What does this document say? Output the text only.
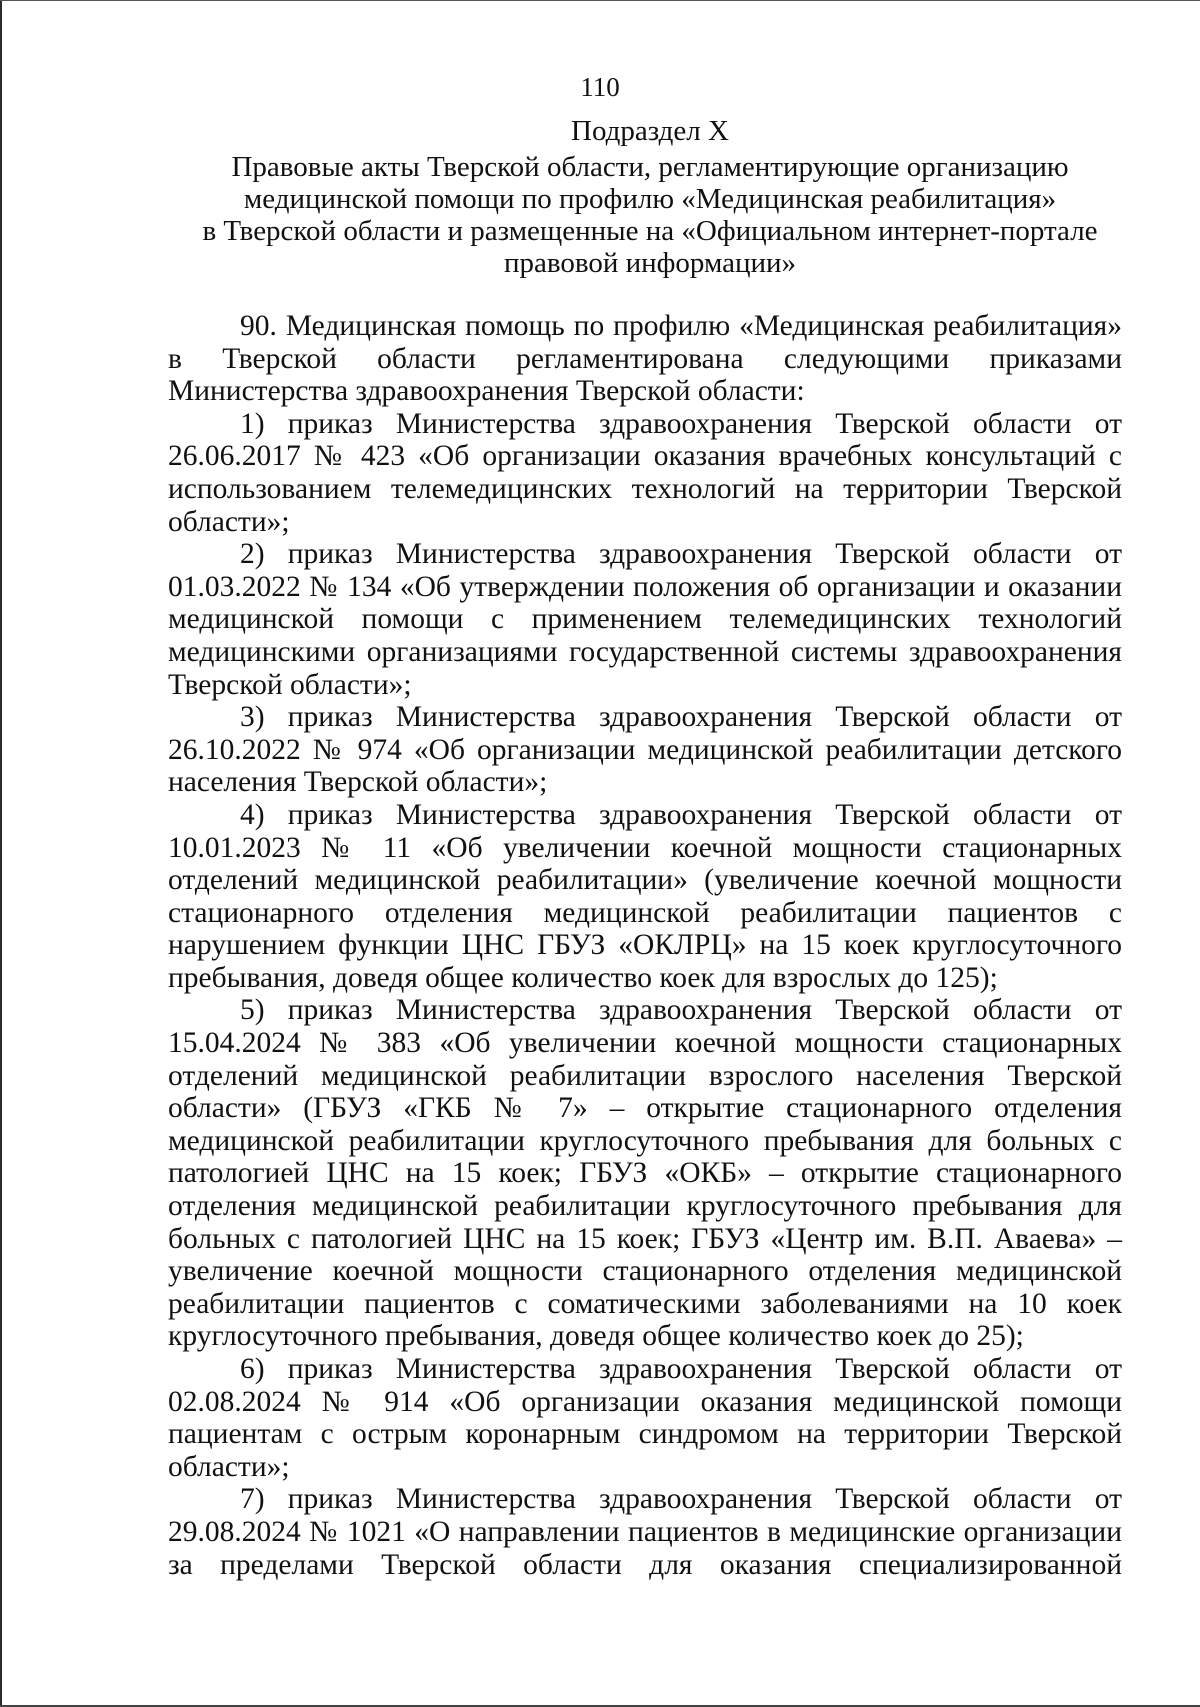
110
Подраздел X
Правовые акты Тверской области, регламентирующие организацию
медицинской помощи по профилю «Медицинская реабилитация»
в Тверской области и размещенные на «Официальном интернет-портале
правовой информации»
90. Медицинская помощь по профилю «Медицинская реабилитация» в Тверской области регламентирована следующими приказами Министерства здравоохранения Тверской области:
1) приказ Министерства здравоохранения Тверской области от 26.06.2017 № 423 «Об организации оказания врачебных консультаций с использованием телемедицинских технологий на территории Тверской области»;
2) приказ Министерства здравоохранения Тверской области от 01.03.2022 № 134 «Об утверждении положения об организации и оказании медицинской помощи с применением телемедицинских технологий медицинскими организациями государственной системы здравоохранения Тверской области»;
3) приказ Министерства здравоохранения Тверской области от 26.10.2022 № 974 «Об организации медицинской реабилитации детского населения Тверской области»;
4) приказ Министерства здравоохранения Тверской области от 10.01.2023 № 11 «Об увеличении коечной мощности стационарных отделений медицинской реабилитации» (увеличение коечной мощности стационарного отделения медицинской реабилитации пациентов с нарушением функции ЦНС ГБУЗ «ОКЛРЦ» на 15 коек круглосуточного пребывания, доведя общее количество коек для взрослых до 125);
5) приказ Министерства здравоохранения Тверской области от 15.04.2024 № 383 «Об увеличении коечной мощности стационарных отделений медицинской реабилитации взрослого населения Тверской области» (ГБУЗ «ГКБ № 7» – открытие стационарного отделения медицинской реабилитации круглосуточного пребывания для больных с патологией ЦНС на 15 коек; ГБУЗ «ОКБ» – открытие стационарного отделения медицинской реабилитации круглосуточного пребывания для больных с патологией ЦНС на 15 коек; ГБУЗ «Центр им. В.П. Аваева» – увеличение коечной мощности стационарного отделения медицинской реабилитации пациентов с соматическими заболеваниями на 10 коек круглосуточного пребывания, доведя общее количество коек до 25);
6) приказ Министерства здравоохранения Тверской области от 02.08.2024 № 914 «Об организации оказания медицинской помощи пациентам с острым коронарным синдромом на территории Тверской области»;
7) приказ Министерства здравоохранения Тверской области от 29.08.2024 № 1021 «О направлении пациентов в медицинские организации за пределами Тверской области для оказания специализированной
